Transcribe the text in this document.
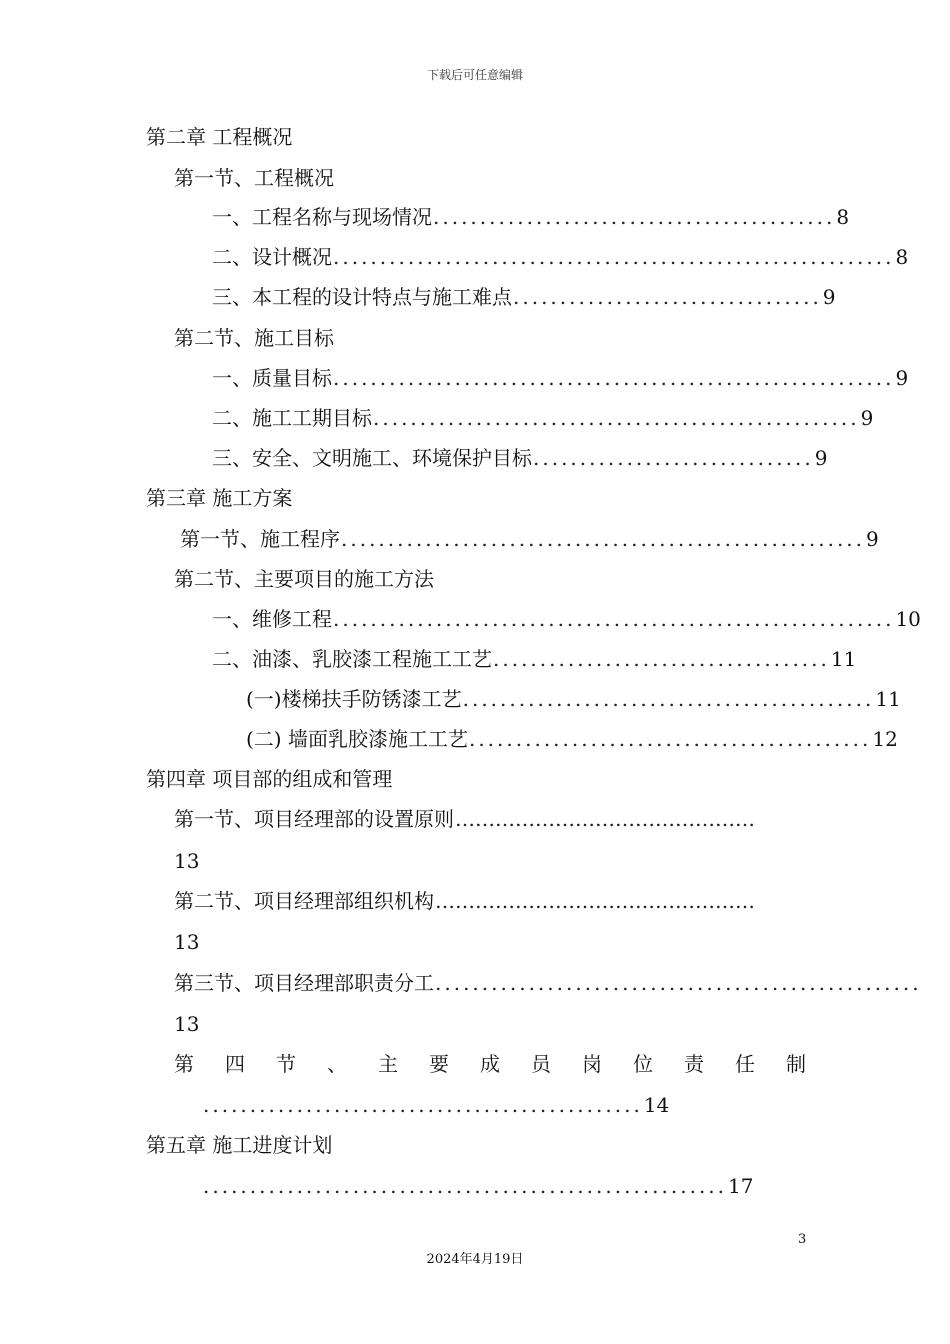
下载后可任意编辑
第二章 工程概况
第一节、工程概况
一、工程名称与现场情况 ........................................... 8
二、设计概况 ............................................................ 8
三、本工程的设计特点与施工难点 ................................. 9
第二节、施工目标
一、质量目标 ............................................................ 9
二、施工工期目标 .................................................... 9
三、安全、文明施工、环境保护目标 .............................. 9
第三章 施工方案
第一节、施工程序 ........................................................ 9
第二节、主要项目的施工方法
一、维修工程 ............................................................ 10
二、油漆、乳胶漆工程施工工艺 .................................... 11
(一)楼梯扶手防锈漆工艺 ............................................ 11
(二) 墙面乳胶漆施工工艺 ........................................... 12
第四章 项目部的组成和管理
第一节、项目经理部的设置原则 ………………………………………
13
第二节、项目经理部组织机构 …………………………………………
13
第三节、项目经理部职责分工 ....................................................
13
第 四 节 、 主 要 成 员 岗 位 责 任 制
............................................... 14
第五章 施工进度计划
........................................................ 17
3
2024年4月19日
